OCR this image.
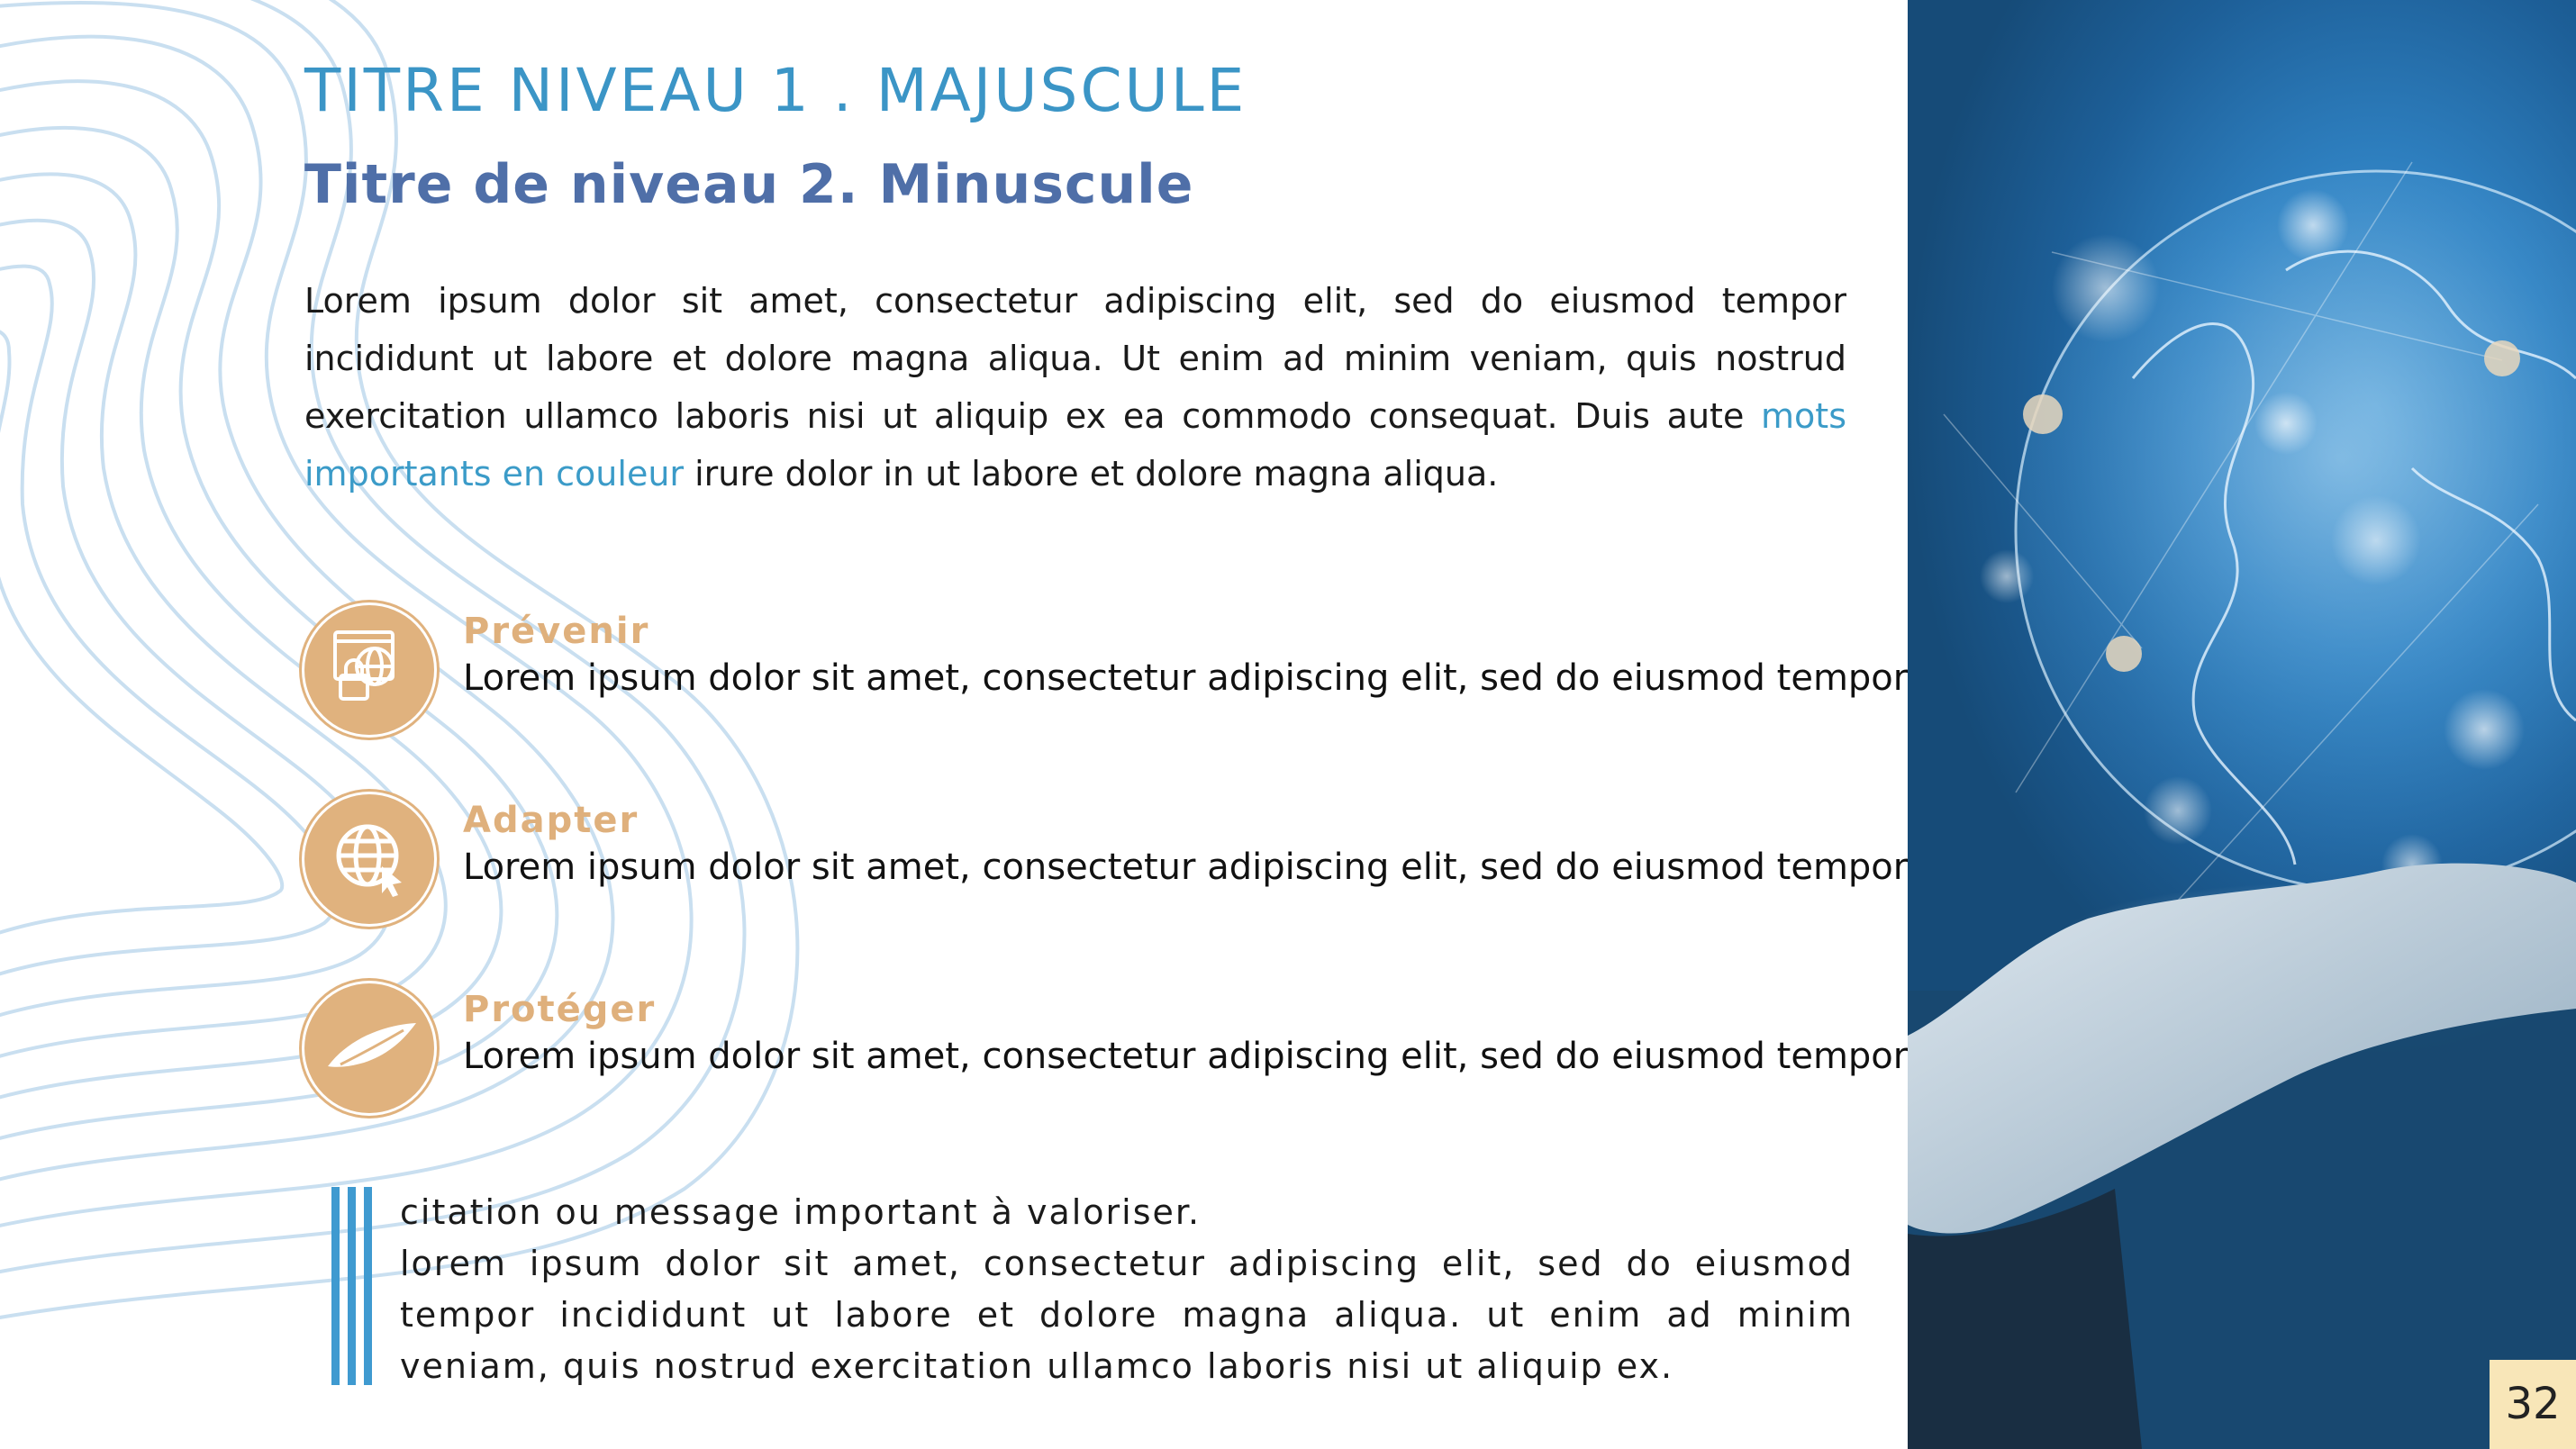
TITRE NIVEAU 1 . MAJUSCULE
Titre de niveau 2. Minuscule

Lorem ipsum dolor sit amet, consectetur adipiscing elit, sed do eiusmod tempor incididunt ut labore et dolore magna aliqua. Ut enim ad minim veniam, quis nostrud exercitation ullamco laboris nisi ut aliquip ex ea commodo consequat. Duis aute mots importants en couleur irure dolor in ut labore et dolore magna aliqua.

Prévenir
Lorem ipsum dolor sit amet, consectetur adipiscing elit, sed do eiusmod tempor
Adapter
Lorem ipsum dolor sit amet, consectetur adipiscing elit, sed do eiusmod tempor
Protéger
Lorem ipsum dolor sit amet, consectetur adipiscing elit, sed do eiusmod tempor

citation ou message important à valoriser.
lorem ipsum dolor sit amet, consectetur adipiscing elit, sed do eiusmod tempor incididunt ut labore et dolore magna aliqua. ut enim ad minim veniam, quis nostrud exercitation ullamco laboris nisi ut aliquip ex.

32
